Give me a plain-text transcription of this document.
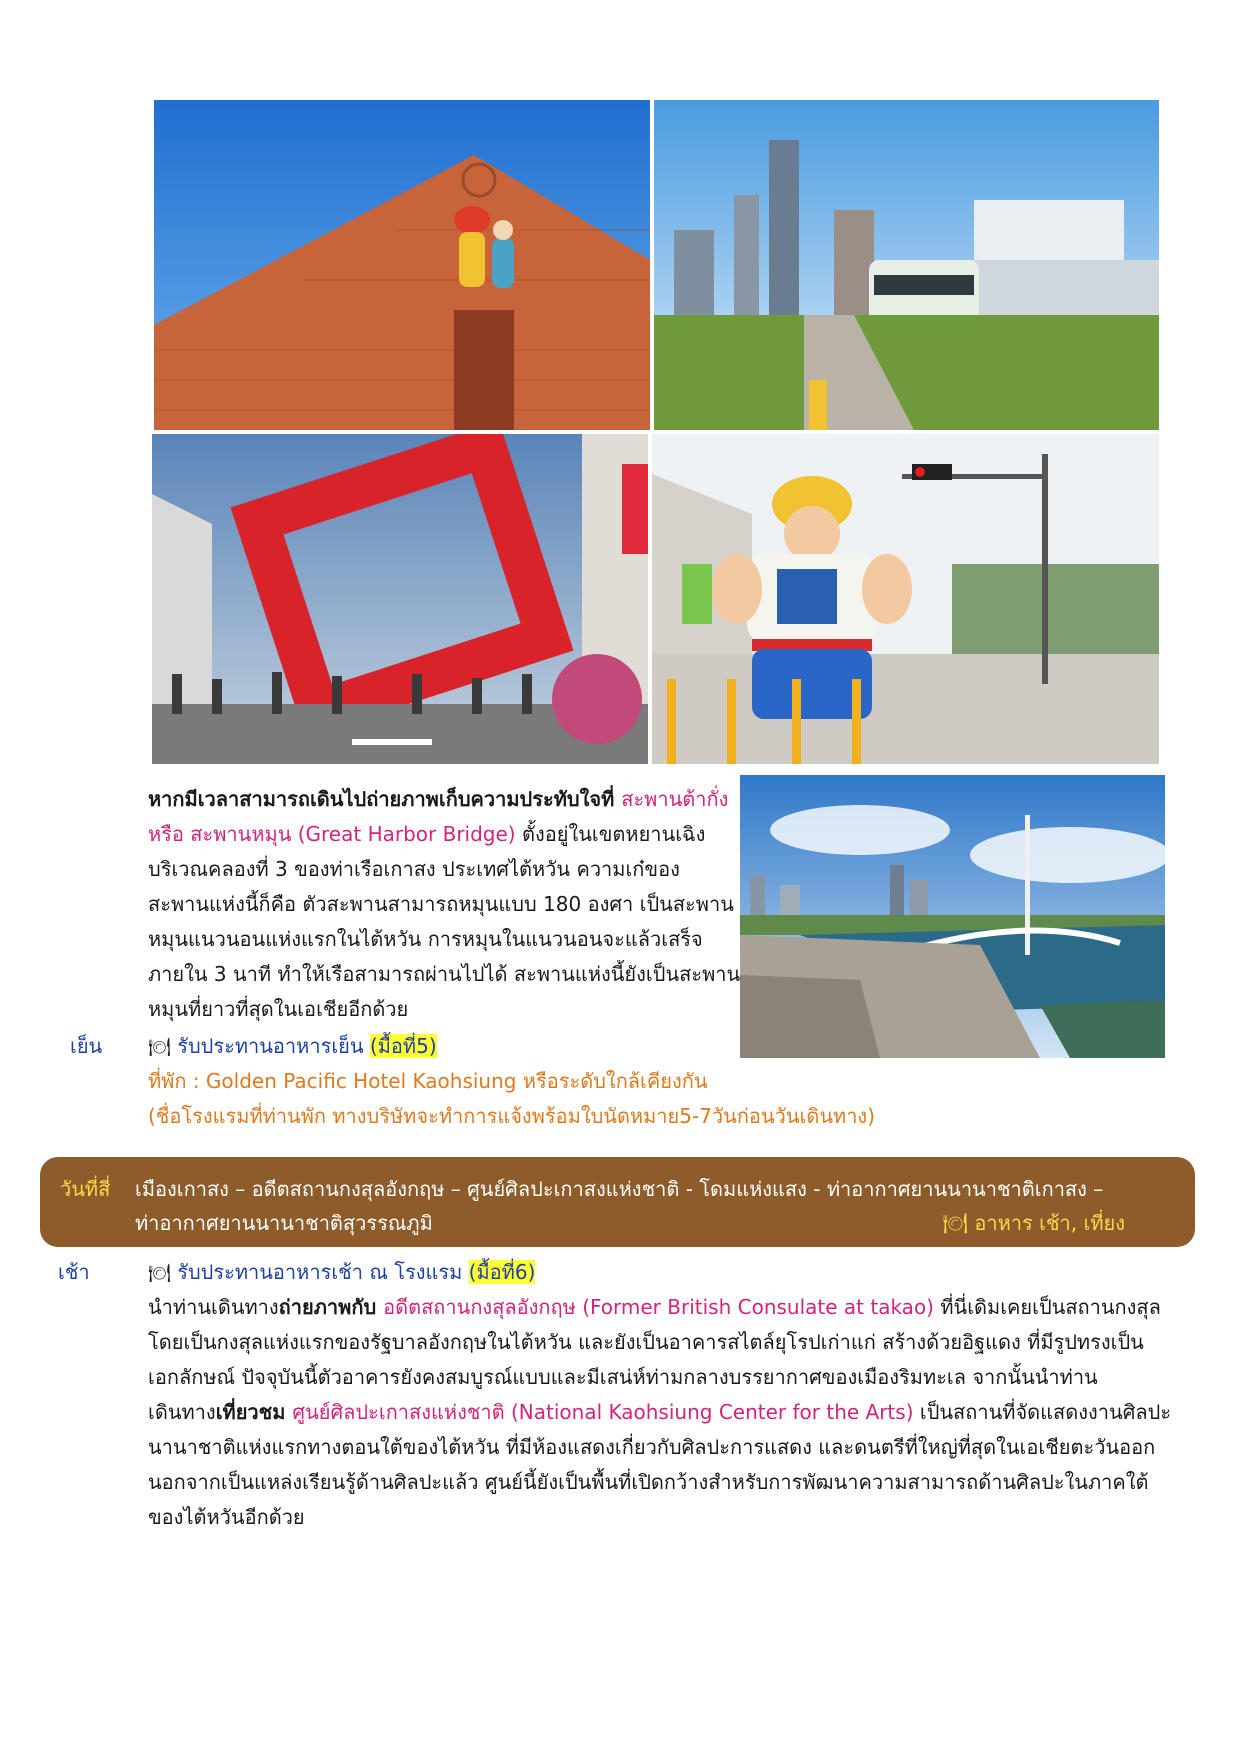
หากมีเวลาสามารถเดินไปถ่ายภาพเก็บความประทับใจที่ สะพานต้ากั่ง
หรือ สะพานหมุน (Great Harbor Bridge) ตั้งอยู่ในเขตหยานเฉิง
บริเวณคลองที่ 3 ของท่าเรือเกาสง ประเทศไต้หวัน ความเก๋ของ
สะพานแห่งนี้ก็คือ ตัวสะพานสามารถหมุนแบบ 180 องศา เป็นสะพาน
หมุนแนวนอนแห่งแรกในไต้หวัน การหมุนในแนวนอนจะแล้วเสร็จ
ภายใน 3 นาที ทำให้เรือสามารถผ่านไปได้ สะพานแห่งนี้ยังเป็นสะพาน
หมุนที่ยาวที่สุดในเอเชียอีกด้วย
เย็น	🍽 รับประทานอาหารเย็น (มื้อที่5)
ที่พัก : Golden Pacific Hotel Kaohsiung หรือระดับใกล้เคียงกัน
(ชื่อโรงแรมที่ท่านพัก ทางบริษัทจะทำการแจ้งพร้อมใบนัดหมาย5-7วันก่อนวันเดินทาง)
วันที่สี่ เมืองเกาสง – อดีตสถานกงสุลอังกฤษ – ศูนย์ศิลปะเกาสงแห่งชาติ - โดมแห่งแสง - ท่าอากาศยานนานาชาติเกาสง –
ท่าอากาศยานนานาชาติสุวรรณภูมิ	🍽 อาหาร เช้า, เที่ยง
เช้า	🍽 รับประทานอาหารเช้า ณ โรงแรม (มื้อที่6)
นำท่านเดินทางถ่ายภาพกับ อดีตสถานกงสุลอังกฤษ (Former British Consulate at takao) ที่นี่เดิมเคยเป็นสถานกงสุล
โดยเป็นกงสุลแห่งแรกของรัฐบาลอังกฤษในไต้หวัน และยังเป็นอาคารสไตล์ยุโรปเก่าแก่ สร้างด้วยอิฐแดง ที่มีรูปทรงเป็น
เอกลักษณ์ ปัจจุบันนี้ตัวอาคารยังคงสมบูรณ์แบบและมีเสน่ห์ท่ามกลางบรรยากาศของเมืองริมทะเล จากนั้นนำท่าน
เดินทางเที่ยวชม ศูนย์ศิลปะเกาสงแห่งชาติ (National Kaohsiung Center for the Arts) เป็นสถานที่จัดแสดงงานศิลปะ
นานาชาติแห่งแรกทางตอนใต้ของไต้หวัน ที่มีห้องแสดงเกี่ยวกับศิลปะการแสดง และดนตรีที่ใหญ่ที่สุดในเอเชียตะวันออก
นอกจากเป็นแหล่งเรียนรู้ด้านศิลปะแล้ว ศูนย์นี้ยังเป็นพื้นที่เปิดกว้างสำหรับการพัฒนาความสามารถด้านศิลปะในภาคใต้
ของไต้หวันอีกด้วย
